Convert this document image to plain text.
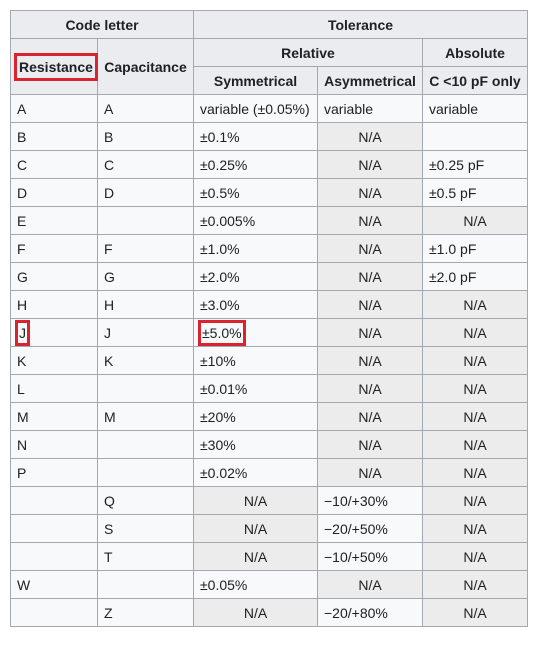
Code letter		Tolerance		
Resistance	Capacitance	Relative		Absolute
		Symmetrical	Asymmetrical	C <10 pF only
A	A	variable (±0.05%)	variable	variable
B	B	±0.1%	N/A	
C	C	±0.25%	N/A	±0.25 pF
D	D	±0.5%	N/A	±0.5 pF
E		±0.005%	N/A	N/A
F	F	±1.0%	N/A	±1.0 pF
G	G	±2.0%	N/A	±2.0 pF
H	H	±3.0%	N/A	N/A
J	J	±5.0%	N/A	N/A
K	K	±10%	N/A	N/A
L		±0.01%	N/A	N/A
M	M	±20%	N/A	N/A
N		±30%	N/A	N/A
P		±0.02%	N/A	N/A
	Q	N/A	−10/+30%	N/A
	S	N/A	−20/+50%	N/A
	T	N/A	−10/+50%	N/A
W		±0.05%	N/A	N/A
	Z	N/A	−20/+80%	N/A
